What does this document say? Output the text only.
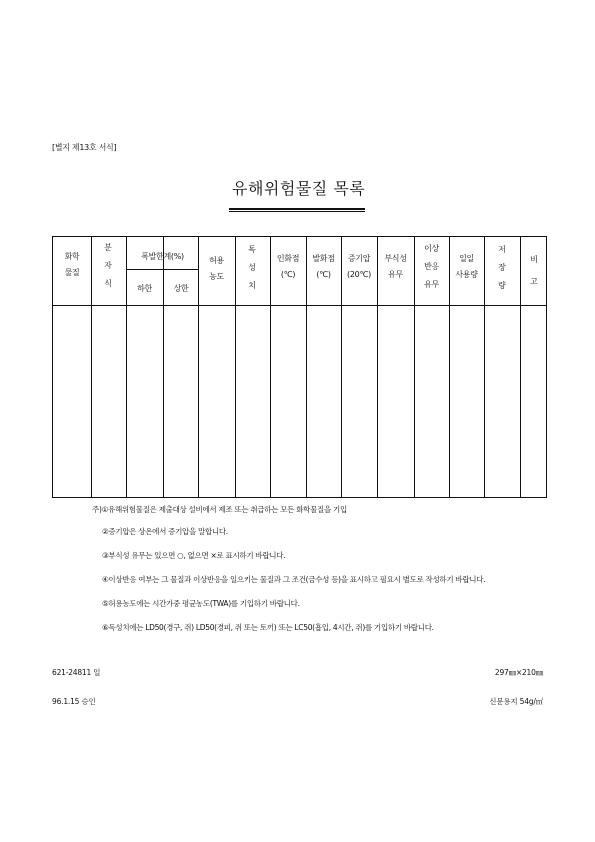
[별지 제13호 서식]
유해위험물질 목록
화학
물질
분
자
식
폭발한계(%)
하한	상한
허용
농도
독
성
치
인화점
(℃)
발화점
(℃)
증기압
(20℃)
부식성
유무
이상
반응
유무
일일
사용량
저
장
량
비
고
주)①유해위험물질은 제출대상 설비에서 제조 또는 취급하는 모든 화학물질을 기입
②증기압은 상온에서 증기압을 말합니다.
③부식성 유무는 있으면 ○, 없으면 ×로 표시하기 바랍니다.
④이상반응 여부는 그 물질과 이상반응을 일으키는 물질과 그 조건(금수성 등)을 표시하고 필요시 별도로 작성하기 바랍니다.
⑤허용농도에는 시간가중 평균농도(TWA)를 기입하기 바랍니다.
⑥독성치에는 LD50(경구, 쥐) LD50(경피, 쥐 또는 토끼) 또는 LC50(흡입, 4시간, 쥐)를 기입하기 바랍니다.
621-24811 일
96.1.15 승인
297㎜×210㎜
신문용지 54g/㎡
